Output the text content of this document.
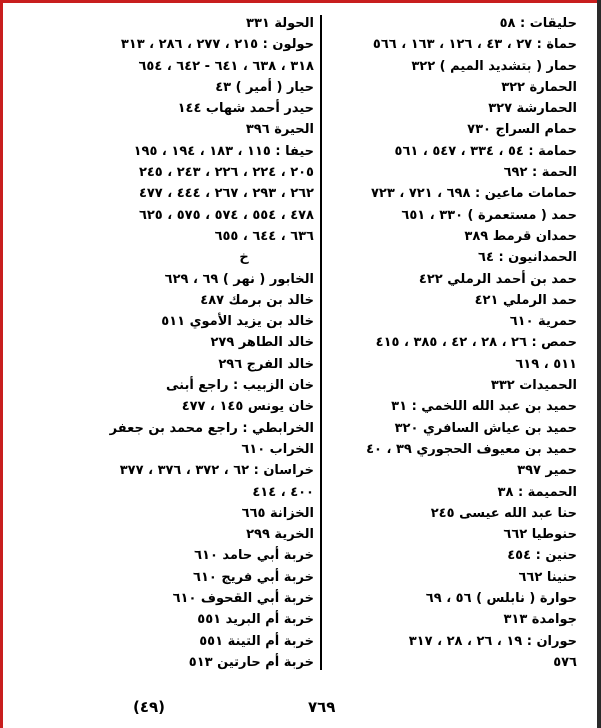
حليقات : ٥٨
حماة : ٢٧ ، ٤٣ ، ١٢٦ ، ١٦٣ ، ٥٦٦
حمار ( بتشديد الميم ) ٣٢٢
الحمارة ٣٢٢
الحمارشة ٣٢٧
حمام السراج ٧٣٠
حمامة : ٥٤ ، ٣٣٤ ، ٥٤٧ ، ٥٦١
الحمة : ٦٩٢
حمامات ماعين : ٦٩٨ ، ٧٢١ ، ٧٢٣
حمد ( مستعمرة ) ٣٣٠ ، ٦٥١
حمدان قرمط ٣٨٩
الحمدانيون : ٦٤
حمد بن أحمد الرملي ٤٢٢
حمد الرملي ٤٢١
حمرية ٦١٠
حمص : ٢٦ ، ٢٨ ، ٤٢ ، ٣٨٥ ، ٤١٥
٥١١ ، ٦١٩
الحميدات ٣٣٢
حميد بن عبد الله اللخمي : ٣١
حميد بن عياش السافري ٣٢٠
حميد بن معيوف الحجوري ٣٩ ، ٤٠
حمير ٣٩٧
الحميمة : ٣٨
حنا عبد الله عيسى ٢٤٥
حنوطيا ٦٦٢
حنين : ٤٥٤
حنينا ٦٦٢
حوارة ( نابلس ) ٥٦ ، ٦٩
جوامدة ٣١٣
حوران : ١٩ ، ٢٦ ، ٢٨ ، ٣١٧
٥٧٦
الحولة ٣٣١
حولون : ٢١٥ ، ٢٧٧ ، ٢٨٦ ، ٣١٣
٣١٨ ، ٦٣٨ ، ٦٤١ - ٦٤٢ ، ٦٥٤
حيار ( أمير ) ٤٣
حيدر أحمد شهاب ١٤٤
الحيرة ٣٩٦
حيفا : ١١٥ ، ١٨٣ ، ١٩٤ ، ١٩٥
٢٠٥ ، ٢٢٤ ، ٢٢٦ ، ٢٤٣ ، ٢٤٥
٢٦٢ ، ٢٩٣ ، ٢٦٧ ، ٤٤٤ ، ٤٧٧
٤٧٨ ، ٥٥٤ ، ٥٧٤ ، ٥٧٥ ، ٦٢٥
٦٣٦ ، ٦٤٤ ، ٦٥٥
خ
الخابور ( نهر ) ٦٩ ، ٦٢٩
خالد بن برمك ٤٨٧
خالد بن يزيد الأموي ٥١١
خالد الطاهر ٢٧٩
خالد الفرج ٢٩٦
خان الزبيب : راجع أبنى
خان يونس ١٤٥ ، ٤٧٧
الخرابطي : راجع محمد بن جعفر
الخراب ٦١٠
خراسان : ٦٢ ، ٣٧٢ ، ٣٧٦ ، ٣٧٧
٤٠٠ ، ٤١٤
الخزانة ٦٦٥
الخرية ٢٩٩
خربة أبي حامد ٦١٠
خربة أبي فريج ٦١٠
خربة أبي القحوف ٦١٠
خربة أم البريد ٥٥١
خربة أم التينة ٥٥١
خربة أم حارتين ٥١٣
٧٦٩
(٤٩)
